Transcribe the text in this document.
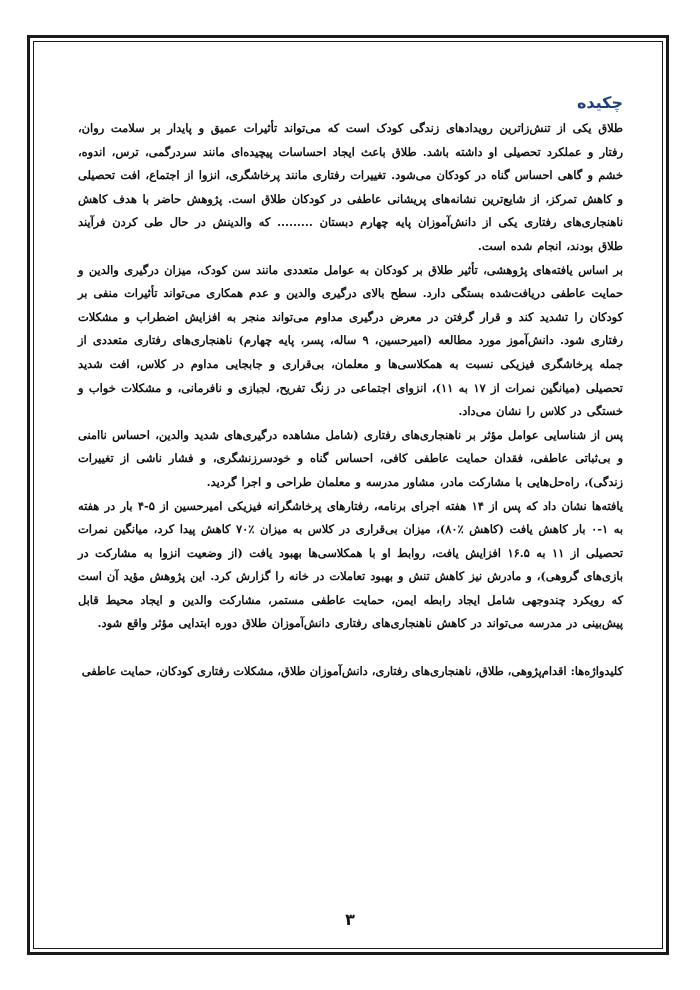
چکیده

طلاق یکی از تنش‌زاترین رویدادهای زندگی کودک است که می‌تواند تأثیرات عمیق و پایدار بر سلامت روان، رفتار و عملکرد تحصیلی او داشته باشد. طلاق باعث ایجاد احساسات پیچیده‌ای مانند سردرگمی، ترس، اندوه، خشم و گاهی احساس گناه در کودکان می‌شود. تغییرات رفتاری مانند پرخاشگری، انزوا از اجتماع، افت تحصیلی و کاهش تمرکز، از شایع‌ترین نشانه‌های پریشانی عاطفی در کودکان طلاق است. پژوهش حاضر با هدف کاهش ناهنجاری‌های رفتاری یکی از دانش‌آموزان پایه چهارم دبستان ......... که والدینش در حال طی کردن فرآیند طلاق بودند، انجام شده است.

بر اساس یافته‌های پژوهشی، تأثیر طلاق بر کودکان به عوامل متعددی مانند سن کودک، میزان درگیری والدین و حمایت عاطفی دریافت‌شده بستگی دارد. سطح بالای درگیری والدین و عدم همکاری می‌تواند تأثیرات منفی بر کودکان را تشدید کند و قرار گرفتن در معرض درگیری مداوم می‌تواند منجر به افزایش اضطراب و مشکلات رفتاری شود. دانش‌آموز مورد مطالعه (امیرحسین، ۹ ساله، پسر، پایه چهارم) ناهنجاری‌های رفتاری متعددی از جمله پرخاشگری فیزیکی نسبت به همکلاسی‌ها و معلمان، بی‌قراری و جابجایی مداوم در کلاس، افت شدید تحصیلی (میانگین نمرات از ۱۷ به ۱۱)، انزوای اجتماعی در زنگ تفریح، لجبازی و نافرمانی، و مشکلات خواب و خستگی در کلاس را نشان می‌داد.

پس از شناسایی عوامل مؤثر بر ناهنجاری‌های رفتاری (شامل مشاهده درگیری‌های شدید والدین، احساس ناامنی و بی‌ثباتی عاطفی، فقدان حمایت عاطفی کافی، احساس گناه و خودسرزنشگری، و فشار ناشی از تغییرات زندگی)، راه‌حل‌هایی با مشارکت مادر، مشاور مدرسه و معلمان طراحی و اجرا گردید.

یافته‌ها نشان داد که پس از ۱۴ هفته اجرای برنامه، رفتارهای پرخاشگرانه فیزیکی امیرحسین از ۵-۴ بار در هفته به ۱-۰ بار کاهش یافت (کاهش ٪۸۰)، میزان بی‌قراری در کلاس به میزان ٪۷۰ کاهش پیدا کرد، میانگین نمرات تحصیلی از ۱۱ به ۱۶.۵ افزایش یافت، روابط او با همکلاسی‌ها بهبود یافت (از وضعیت انزوا به مشارکت در بازی‌های گروهی)، و مادرش نیز کاهش تنش و بهبود تعاملات در خانه را گزارش کرد. این پژوهش مؤید آن است که رویکرد چندوجهی شامل ایجاد رابطه ایمن، حمایت عاطفی مستمر، مشارکت والدین و ایجاد محیط قابل پیش‌بینی در مدرسه می‌تواند در کاهش ناهنجاری‌های رفتاری دانش‌آموزان طلاق دوره ابتدایی مؤثر واقع شود.

کلیدواژه‌ها: اقدام‌پژوهی، طلاق، ناهنجاری‌های رفتاری، دانش‌آموزان طلاق، مشکلات رفتاری کودکان، حمایت عاطفی
۳
